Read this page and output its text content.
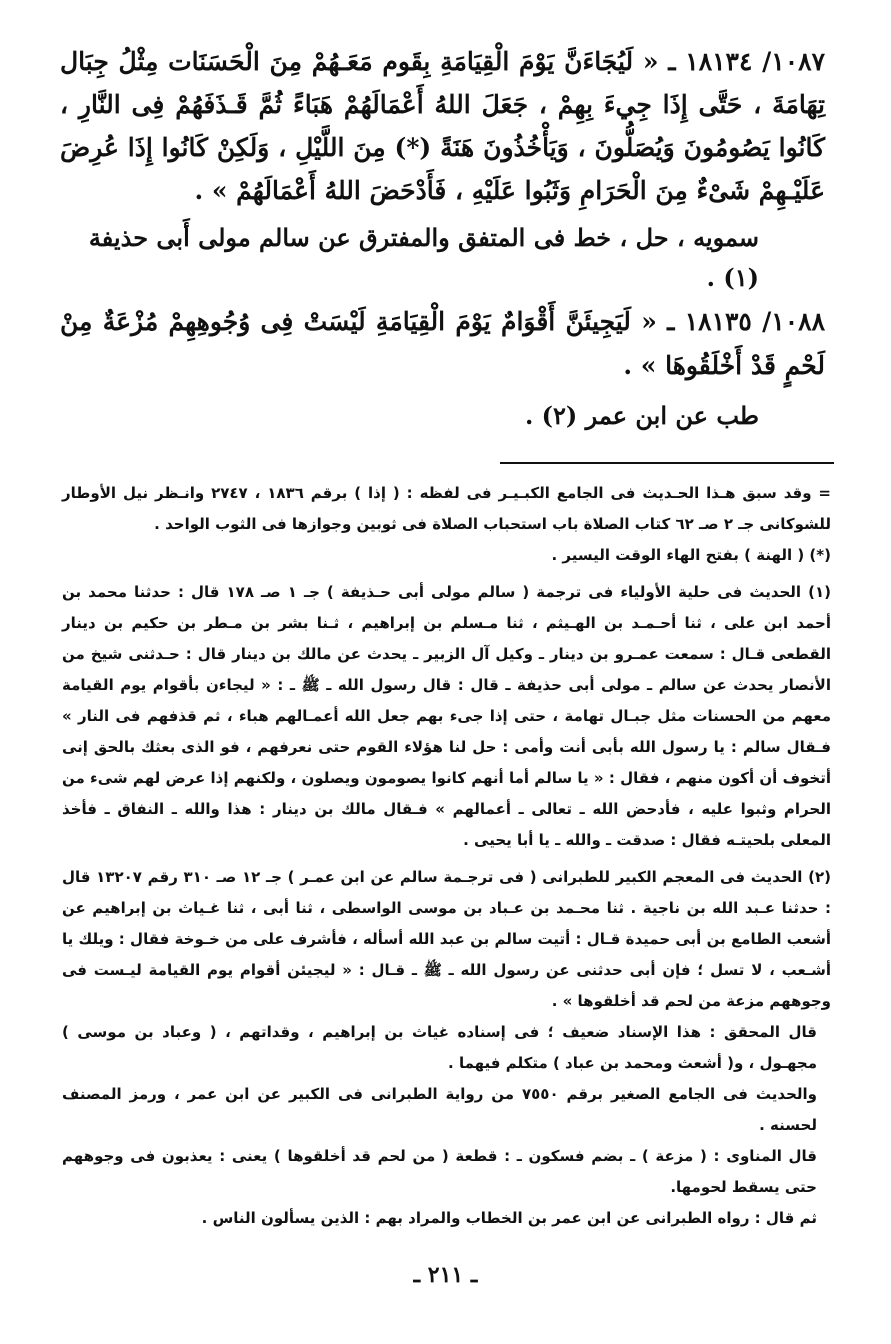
١٠٨٧/ ١٨١٣٤ ـ « لَيُجَاءَنَّ يَوْمَ الْقِيَامَةِ بِقَوم مَعَـهُمْ مِنَ الْحَسَنَات مِثْلُ جِبَال تِهَامَةَ ، حَتَّى إِذَا جِيءَ بِهِمْ ، جَعَلَ اللهُ أَعْمَالَهُمْ هَبَاءً ثُمَّ قَـذَفَهُمْ فِى النَّارِ ، كَانُوا يَصُومُونَ وَيُصَلُّونَ ، وَيَأْخُذُونَ هَنَةً (*) مِنَ اللَّيْلِ ، وَلَكِنْ كَانُوا إِذَا عُرِضَ عَلَيْـهِمْ شَىْءٌ مِنَ الْحَرَامِ وَثَبُوا عَلَيْهِ ، فَأَدْحَضَ اللهُ أَعْمَالَهُمْ » .

سمويه ، حل ، خط فى المتفق والمفترق عن سالم مولى أَبى حذيفة (١) .

١٠٨٨/ ١٨١٣٥ ـ « لَيَجِيئَنَّ أَقْوَامٌ يَوْمَ الْقِيَامَةِ لَيْسَتْ فِى وُجُوهِهِمْ مُزْعَةٌ مِنْ لَحْمٍ قَدْ أَخْلَقُوهَا » .

طب عن ابن عمر (٢) .

= وقد سبق هـذا الحـديث فى الجامع الكبـيـر فى لفظه : ( إذا ) برقم ١٨٣٦ ، ٢٧٤٧ وانـظر نيل الأوطار للشوكانى جـ ٢ صـ ٦٢ كتاب الصلاة باب استحباب الصلاة فى ثوبين وجوازها فى الثوب الواحد .

(*) ( الهنة ) بفتح الهاء الوقت اليسير .

(١) الحديث فى حلية الأولياء فى ترجمة ( سالم مولى أبى حـذيفة ) جـ ١ صـ ١٧٨ قال : حدثنا محمد بن أحمد ابن على ، ثنا أحـمـد بن الهـيثم ، ثنا مـسلم بن إبراهيم ، ثـنا بشر بن مـطر بن حكيم بن دينار القطعى قـال : سمعت عمـرو بن دينار ـ وكيل آل الزبير ـ يحدث عن مالك بن دينار قال : حـدثنى شيخ من الأنصار يحدث عن سالم ـ مولى أبى حذيفة ـ قال : قال رسول الله ـ ﷺ ـ : « ليجاءن بأقوام يوم القيامة معهم من الحسنات مثل جبـال تهامة ، حتى إذا جىء بهم جعل الله أعمـالهم هباء ، ثم قذفهم فى النار » فـقال سالم : يا رسول الله بأبى أنت وأمى : حل لنا هؤلاء القوم حتى نعرفهم ، فو الذى بعثك بالحق إنى أتخوف أن أكون منهم ، فقال : « يا سالم أما أنهم كانوا يصومون ويصلون ، ولكنهم إذا عرض لهم شىء من الحرام وثبوا عليه ، فأدحض الله ـ تعالى ـ أعمالهم » فـقال مالك بن دينار : هذا والله ـ النفاق ـ فأخذ المعلى بلحيتـه فقال : صدقت ـ والله ـ يا أبا يحيى .

(٢) الحديث فى المعجم الكبير للطبرانى ( فى ترجـمة سالم عن ابن عمـر ) جـ ١٢ صـ ٣١٠ رقم ١٣٢٠٧ قال : حدثنا عـبد الله بن ناجية . ثنا محـمد بن عـباد بن موسى الواسطى ، ثنا أبى ، ثنا غـياث بن إبراهيم عن أشعب الطامع بن أبى حميدة قـال : أتيت سالم بن عبد الله أسأله ، فأشرف على من خـوخة فقال : ويلك يا أشـعب ، لا تسل ؛ فإن أبى حدثنى عن رسول الله ـ ﷺ ـ قـال : « ليجيئن أقوام يوم القيامة ليـست فى وجوههم مزعة من لحم قد أخلقوها » .

قال المحقق : هذا الإسناد ضعيف ؛ فى إسناده غياث بن إبراهيم ، وقداتهم ، ( وعباد بن موسى ) مجهـول ، و( أشعث ومحمد بن عباد ) متكلم فيهما .

والحديث فى الجامع الصغير برقم ٧٥٥٠ من رواية الطبرانى فى الكبير عن ابن عمر ، ورمز المصنف لحسنه .

قال المناوى : ( مزعة ) ـ بضم فسكون ـ : قطعة ( من لحم قد أخلقوها ) يعنى : يعذبون فى وجوههم حتى يسقط لحومها.

ثم قال : رواه الطبرانى عن ابن عمر بن الخطاب والمراد بهم : الذين يسألون الناس .

ـ ٢١١ ـ
